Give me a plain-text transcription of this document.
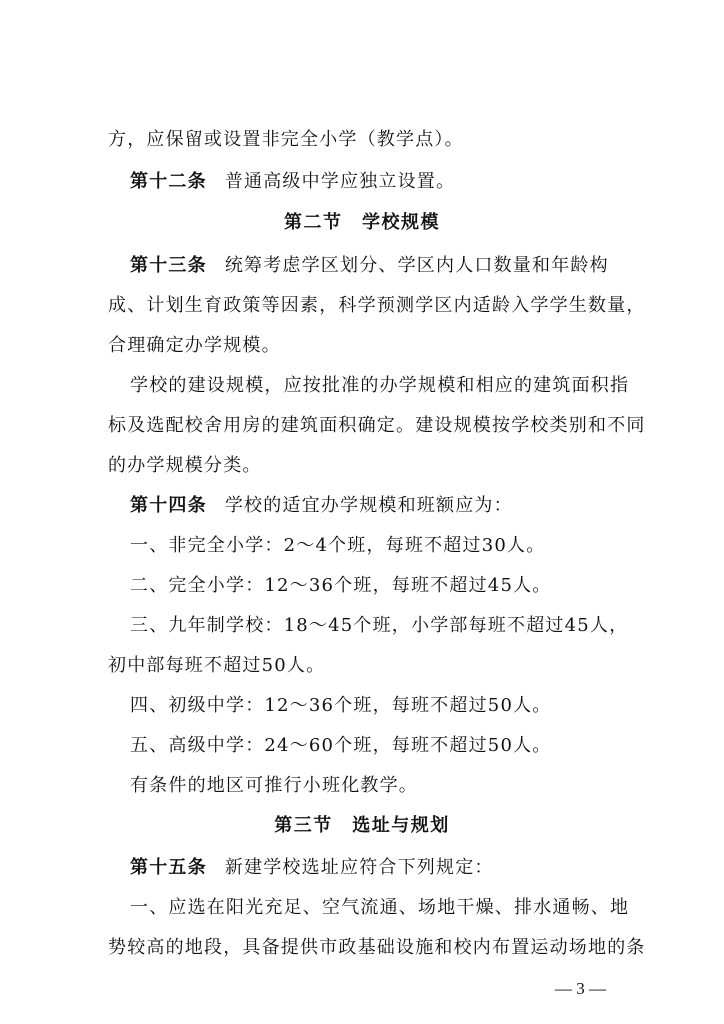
方，应保留或设置非完全小学（教学点）。
第十二条 普通高级中学应独立设置。
第二节　学校规模
第十三条 统筹考虑学区划分、学区内人口数量和年龄构
成、计划生育政策等因素，科学预测学区内适龄入学学生数量，
合理确定办学规模。
学校的建设规模，应按批准的办学规模和相应的建筑面积指
标及选配校舍用房的建筑面积确定。建设规模按学校类别和不同
的办学规模分类。
第十四条 学校的适宜办学规模和班额应为：
一、非完全小学：2～4个班，每班不超过30人。
二、完全小学：12～36个班，每班不超过45人。
三、九年制学校：18～45个班，小学部每班不超过45人，
初中部每班不超过50人。
四、初级中学：12～36个班，每班不超过50人。
五、高级中学：24～60个班，每班不超过50人。
有条件的地区可推行小班化教学。
第三节　选址与规划
第十五条 新建学校选址应符合下列规定：
一、应选在阳光充足、空气流通、场地干燥、排水通畅、地
势较高的地段，具备提供市政基础设施和校内布置运动场地的条
— 3 —
